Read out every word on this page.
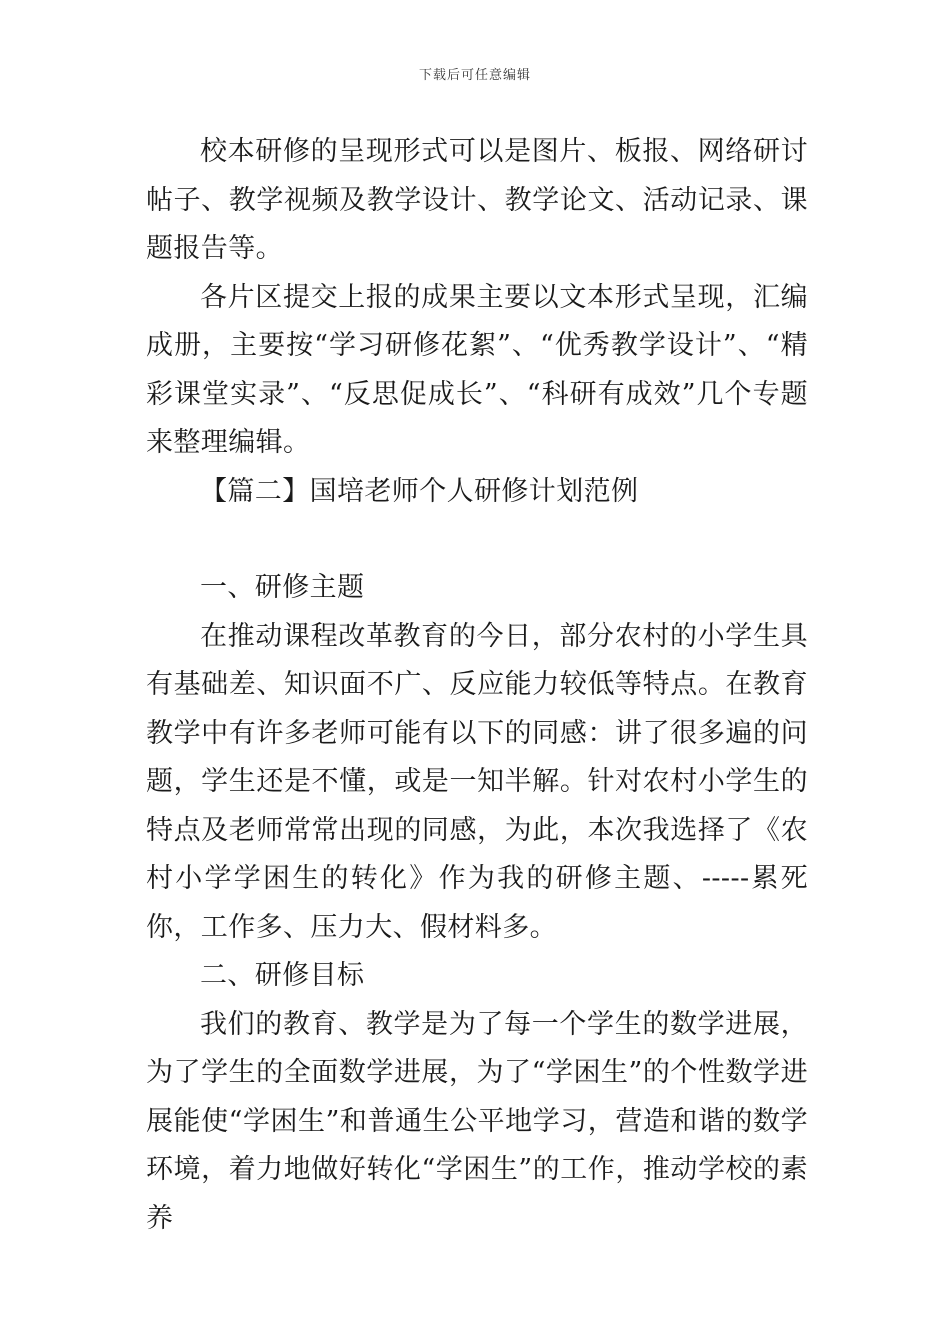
下载后可任意编辑

校本研修的呈现形式可以是图片、板报、网络研讨帖子、教学视频及教学设计、教学论文、活动记录、课题报告等。

各片区提交上报的成果主要以文本形式呈现，汇编成册，主要按“学习研修花絮”、“优秀教学设计”、“精彩课堂实录”、“反思促成长”、“科研有成效”几个专题来整理编辑。

【篇二】国培老师个人研修计划范例

一、研修主题

在推动课程改革教育的今日，部分农村的小学生具有基础差、知识面不广、反应能力较低等特点。在教育教学中有许多老师可能有以下的同感：讲了很多遍的问题，学生还是不懂，或是一知半解。针对农村小学生的特点及老师常常出现的同感，为此，本次我选择了《农村小学学困生的转化》作为我的研修主题、-----累死你，工作多、压力大、假材料多。

二、研修目标

我们的教育、教学是为了每一个学生的数学进展，为了学生的全面数学进展，为了“学困生”的个性数学进展能使“学困生”和普通生公平地学习，营造和谐的数学环境，着力地做好转化“学困生”的工作，推动学校的素养
